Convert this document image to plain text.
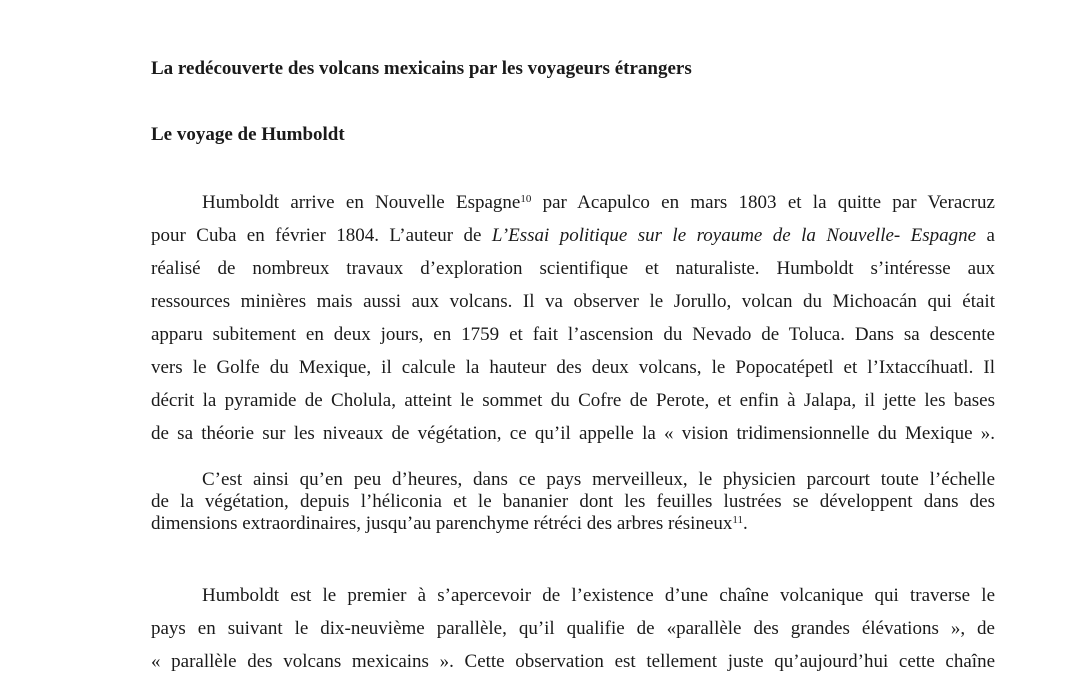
La redécouverte des volcans mexicains par les voyageurs étrangers
Le voyage de Humboldt
Humboldt arrive en Nouvelle Espagne$^{10}$ par Acapulco en mars 1803 et la quitte par Veracruz
pour Cuba en février 1804. L’auteur de L’Essai politique sur le royaume de la Nouvelle- Espagne a
réalisé de nombreux travaux d’exploration scientifique et naturaliste. Humboldt s’intéresse aux
ressources minières mais aussi aux volcans. Il va observer le Jorullo, volcan du Michoacán qui était
apparu subitement en deux jours, en 1759 et fait l’ascension du Nevado de Toluca. Dans sa descente
vers le Golfe du Mexique, il calcule la hauteur des deux volcans, le Popocatépetl et l’Ixtaccíhuatl. Il
décrit la pyramide de Cholula, atteint le sommet du Cofre de Perote, et enfin à Jalapa, il jette les bases
de sa théorie sur les niveaux de végétation, ce qu’il appelle la « vision tridimensionnelle du Mexique ».
C’est ainsi qu’en peu d’heures, dans ce pays merveilleux, le physicien parcourt toute l’échelle
de la végétation, depuis l’héliconia et le bananier dont les feuilles lustrées se développent dans des
dimensions extraordinaires, jusqu’au parenchyme rétréci des arbres résineux$^{11}$.
Humboldt est le premier à s’apercevoir de l’existence d’une chaîne volcanique qui traverse le
pays en suivant le dix-neuvième parallèle, qu’il qualifie de «parallèle des grandes élévations », de
« parallèle des volcans mexicains ». Cette observation est tellement juste qu’aujourd’hui cette chaîne
